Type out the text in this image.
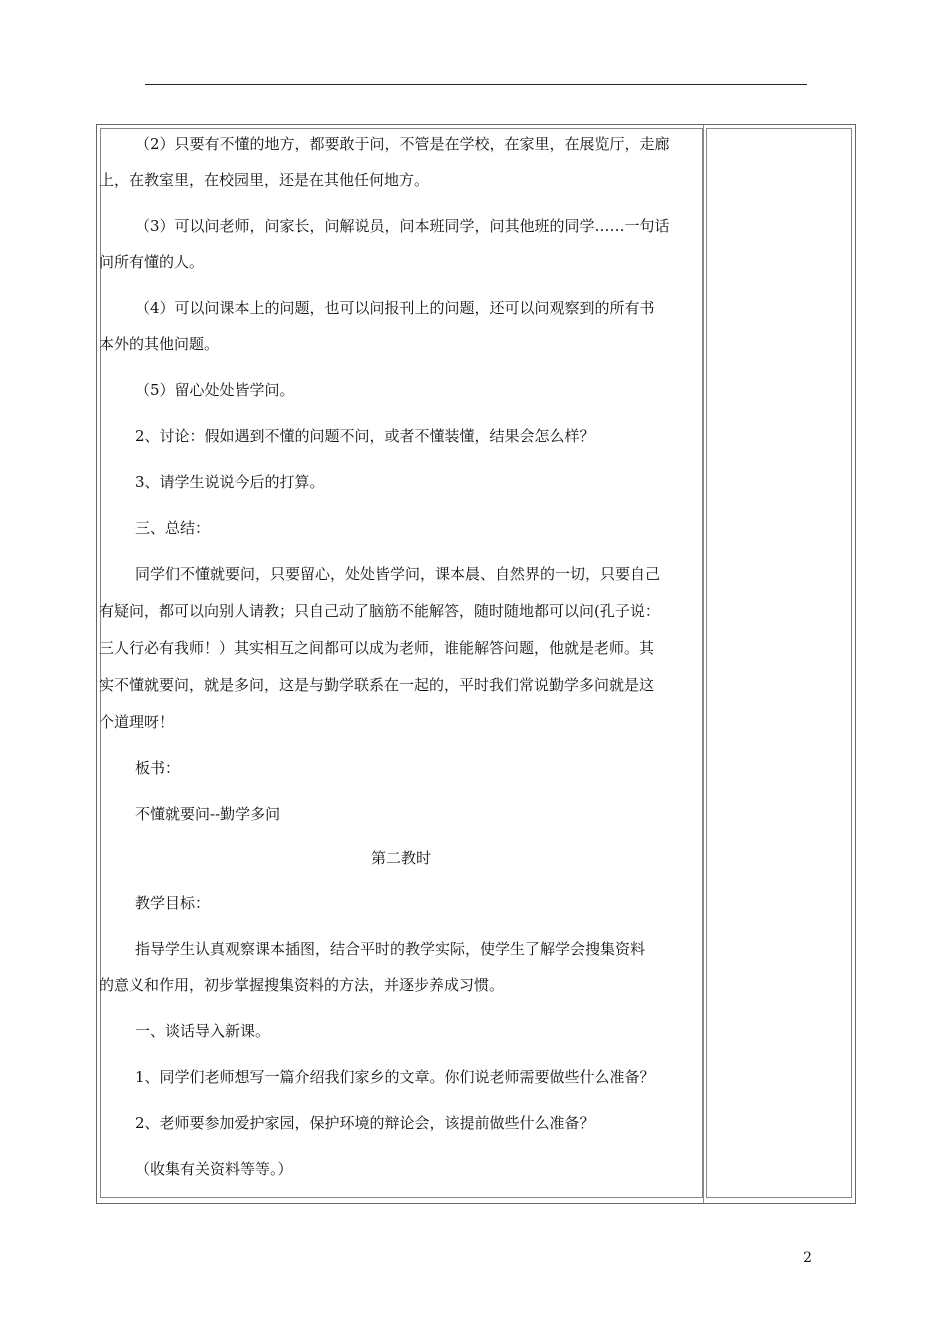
（2）只要有不懂的地方，都要敢于问，不管是在学校，在家里，在展览厅，走廊
上，在教室里，在校园里，还是在其他任何地方。
（3）可以问老师，问家长，问解说员，问本班同学，问其他班的同学……一句话
问所有懂的人。
（4）可以问课本上的问题，也可以问报刊上的问题，还可以问观察到的所有书
本外的其他问题。
（5）留心处处皆学问。
2、讨论：假如遇到不懂的问题不问，或者不懂装懂，结果会怎么样？
3、请学生说说今后的打算。
三、总结：
同学们不懂就要问，只要留心，处处皆学问，课本晨、自然界的一切，只要自己
有疑问，都可以向别人请教；只自己动了脑筋不能解答，随时随地都可以问(孔子说：
三人行必有我师！）其实相互之间都可以成为老师，谁能解答问题，他就是老师。其
实不懂就要问，就是多问，这是与勤学联系在一起的，平时我们常说勤学多问就是这
个道理呀！
板书：
不懂就要问--勤学多问
第二教时
教学目标：
指导学生认真观察课本插图，结合平时的教学实际，使学生了解学会搜集资料
的意义和作用，初步掌握搜集资料的方法，并逐步养成习惯。
一、谈话导入新课。
1、同学们老师想写一篇介绍我们家乡的文章。你们说老师需要做些什么准备？
2、老师要参加爱护家园，保护环境的辩论会，该提前做些什么准备？
（收集有关资料等等。）
2
